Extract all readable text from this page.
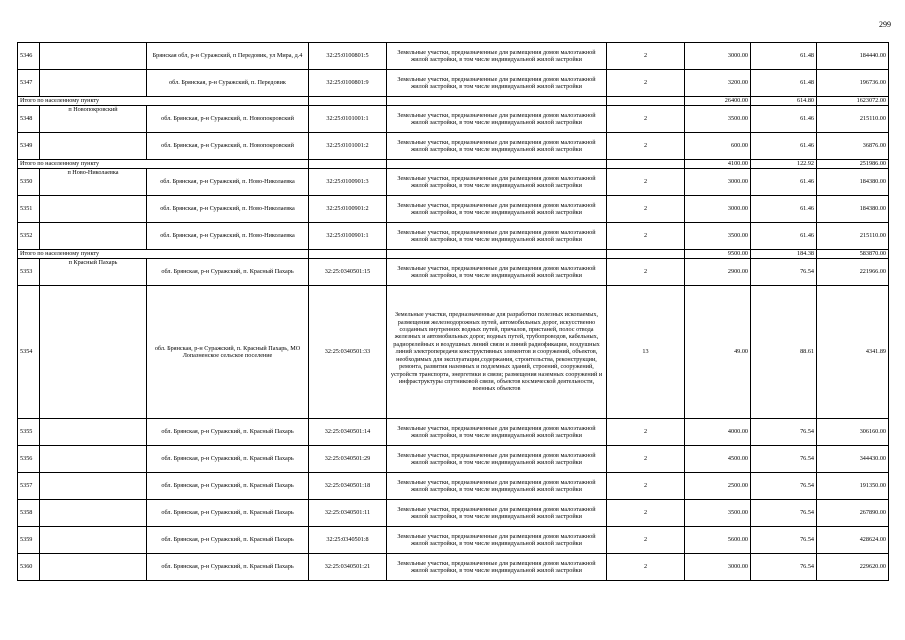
299
5346		Брянская обл, р-н Суражский, п Передовик, ул Мира, д.4	32:25:0100801:5	Земельные участки, предназначенные для размещения домов малоэтажной жилой застройки, в том числе индивидуальной жилой застройки	2	3000.00	61.48	184440.00
5347		обл. Брянская, р-н Суражский, п. Передовик	32:25:0100801:9	Земельные участки, предназначенные для размещения домов малоэтажной жилой застройки, в том числе индивидуальной жилой застройки	2	3200.00	61.48	196736.00
Итого по населенному пункту						26400.00	614.80	1623072.00
5348	п Новопокровский	обл. Брянская, р-н Суражский, п. Новопокровский	32:25:0101001:1	Земельные участки, предназначенные для размещения домов малоэтажной жилой застройки, в том числе индивидуальной жилой застройки	2	3500.00	61.46	215110.00
5349		обл. Брянская, р-н Суражский, п. Новопокровский	32:25:0101001:2	Земельные участки, предназначенные для размещения домов малоэтажной жилой застройки, в том числе индивидуальной жилой застройки	2	600.00	61.46	36876.00
Итого по населенному пункту						4100.00	122.92	251986.00
5350	п Ново-Николаевка	обл. Брянская, р-н Суражский, п. Ново-Николаевка	32:25:0100901:3	Земельные участки, предназначенные для размещения домов малоэтажной жилой застройки, в том числе индивидуальной жилой застройки	2	3000.00	61.46	184380.00
5351		обл. Брянская, р-н Суражский, п. Ново-Николаевка	32:25:0100901:2	Земельные участки, предназначенные для размещения домов малоэтажной жилой застройки, в том числе индивидуальной жилой застройки	2	3000.00	61.46	184380.00
5352		обл. Брянская, р-н Суражский, п. Ново-Николаевка	32:25:0100901:1	Земельные участки, предназначенные для размещения домов малоэтажной жилой застройки, в том числе индивидуальной жилой застройки	2	3500.00	61.46	215110.00
Итого по населенному пункту						9500.00	184.38	583870.00
5353	п Красный Пахарь	обл. Брянская, р-н Суражский, п. Красный Пахарь	32:25:0340501:15	Земельные участки, предназначенные для размещения домов малоэтажной жилой застройки, в том числе индивидуальной жилой застройки	2	2900.00	76.54	221966.00
5354		обл. Брянская, р-н Суражский, п. Красный Пахарь, МО Лопазненское сельское поселение	32:25:0340501:33	Земельные участки, предназначенные для разработки полезных ископаемых, размещения железнодорожных путей, автомобильных дорог, искусственно созданных внутренних водных путей, причалов, пристаней, полос отвода железных и автомобильных дорог, водных путей, трубопроводов, кабельных, радиорелейных и воздушных линий связи и линий радиофикации, воздушных линий электропередачи конструктивных элементов и сооружений, объектов, необходимых для эксплуатации,содержания, строительства, реконструкции, ремонта, развития наземных и подземных зданий, строений, сооружений, устройств транспорта, энергетики и связи; размещения наземных сооружений и инфраструктуры спутниковой связи, объектов космической деятельности, военных объектов	13	49.00	88.61	4341.89
5355		обл. Брянская, р-н Суражский, п. Красный Пахарь	32:25:0340501:14	Земельные участки, предназначенные для размещения домов малоэтажной жилой застройки, в том числе индивидуальной жилой застройки	2	4000.00	76.54	306160.00
5356		обл. Брянская, р-н Суражский, п. Красный Пахарь	32:25:0340501:29	Земельные участки, предназначенные для размещения домов малоэтажной жилой застройки, в том числе индивидуальной жилой застройки	2	4500.00	76.54	344430.00
5357		обл. Брянская, р-н Суражский, п. Красный Пахарь	32:25:0340501:18	Земельные участки, предназначенные для размещения домов малоэтажной жилой застройки, в том числе индивидуальной жилой застройки	2	2500.00	76.54	191350.00
5358		обл. Брянская, р-н Суражский, п. Красный Пахарь	32:25:0340501:11	Земельные участки, предназначенные для размещения домов малоэтажной жилой застройки, в том числе индивидуальной жилой застройки	2	3500.00	76.54	267890.00
5359		обл. Брянская, р-н Суражский, п. Красный Пахарь	32:25:0340501:8	Земельные участки, предназначенные для размещения домов малоэтажной жилой застройки, в том числе индивидуальной жилой застройки	2	5600.00	76.54	428624.00
5360		обл. Брянская, р-н Суражский, п. Красный Пахарь	32:25:0340501:21	Земельные участки, предназначенные для размещения домов малоэтажной жилой застройки, в том числе индивидуальной жилой застройки	2	3000.00	76.54	229620.00
